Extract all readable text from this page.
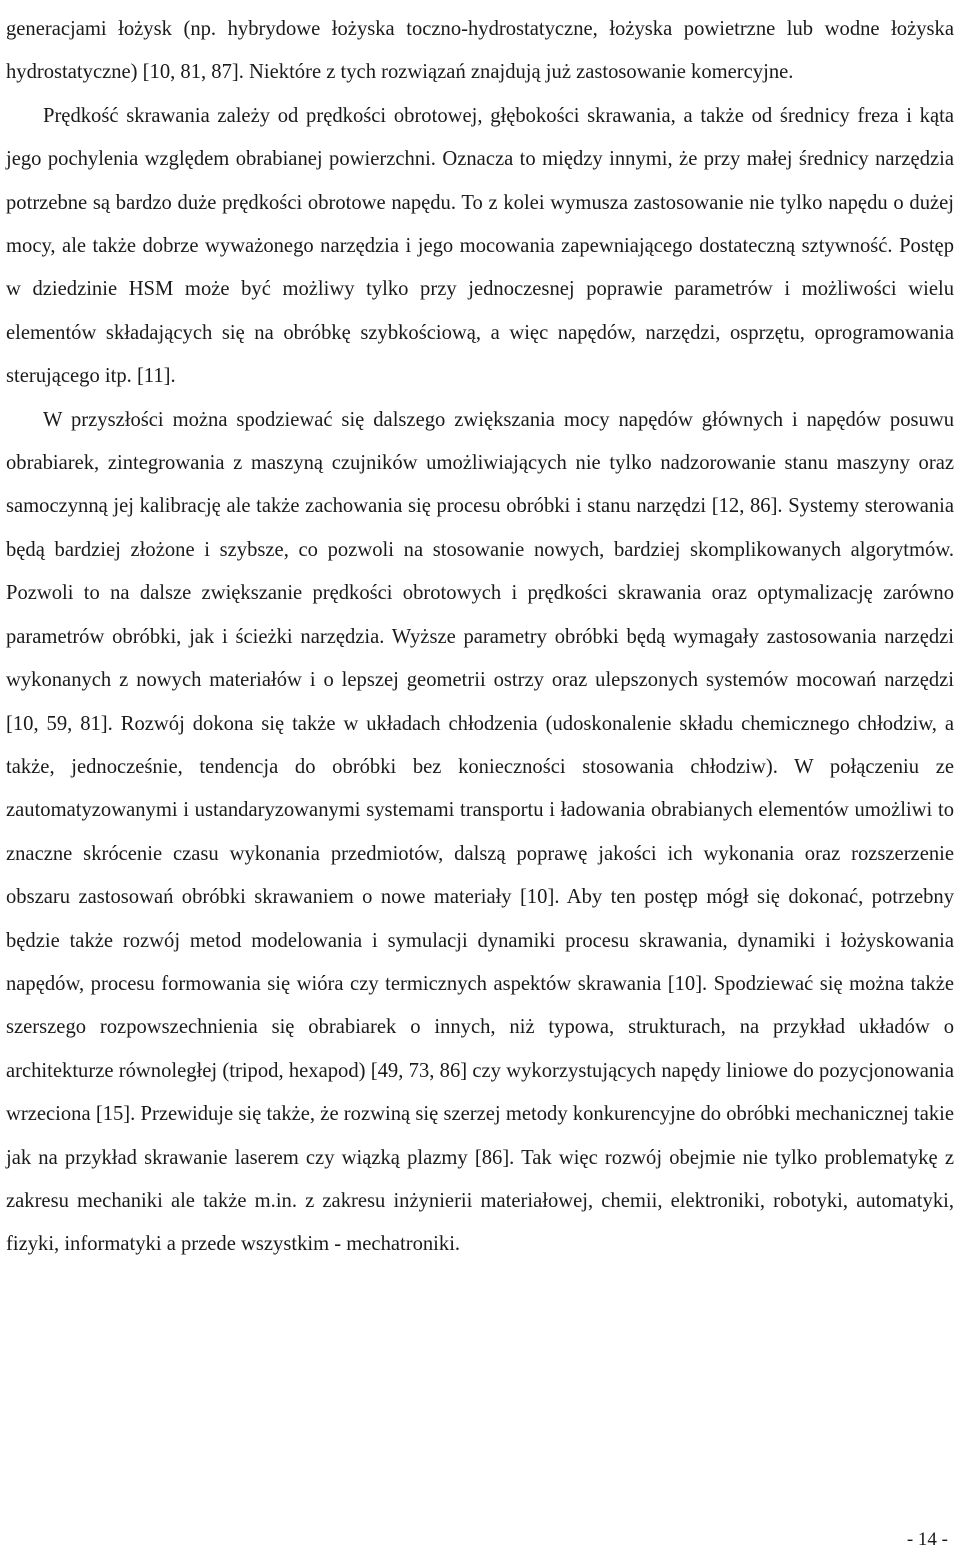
generacjami łożysk (np. hybrydowe łożyska toczno-hydrostatyczne, łożyska powietrzne lub wodne łożyska hydrostatyczne) [10, 81, 87]. Niektóre z tych rozwiązań znajdują już zastosowanie komercyjne.

Prędkość skrawania zależy od prędkości obrotowej, głębokości skrawania, a także od średnicy freza i kąta jego pochylenia względem obrabianej powierzchni. Oznacza to między innymi, że przy małej średnicy narzędzia potrzebne są bardzo duże prędkości obrotowe napędu. To z kolei wymusza zastosowanie nie tylko napędu o dużej mocy, ale także dobrze wyważonego narzędzia i jego mocowania zapewniającego dostateczną sztywność. Postęp w dziedzinie HSM może być możliwy tylko przy jednoczesnej poprawie parametrów i możliwości wielu elementów składających się na obróbkę szybkościową, a więc napędów, narzędzi, osprzętu, oprogramowania sterującego itp. [11].

W przyszłości można spodziewać się dalszego zwiększania mocy napędów głównych i napędów posuwu obrabiarek, zintegrowania z maszyną czujników umożliwiających nie tylko nadzorowanie stanu maszyny oraz samoczynną jej kalibrację ale także zachowania się procesu obróbki i stanu narzędzi [12, 86]. Systemy sterowania będą bardziej złożone i szybsze, co pozwoli na stosowanie nowych, bardziej skomplikowanych algorytmów. Pozwoli to na dalsze zwiększanie prędkości obrotowych i prędkości skrawania oraz optymalizację zarówno parametrów obróbki, jak i ścieżki narzędzia. Wyższe parametry obróbki będą wymagały zastosowania narzędzi wykonanych z nowych materiałów i o lepszej geometrii ostrzy oraz ulepszonych systemów mocowań narzędzi [10, 59, 81]. Rozwój dokona się także w układach chłodzenia (udoskonalenie składu chemicznego chłodziw, a także, jednocześnie, tendencja do obróbki bez konieczności stosowania chłodziw). W połączeniu ze zautomatyzowanymi i ustandaryzowanymi systemami transportu i ładowania obrabianych elementów umożliwi to znaczne skrócenie czasu wykonania przedmiotów, dalszą poprawę jakości ich wykonania oraz rozszerzenie obszaru zastosowań obróbki skrawaniem o nowe materiały [10]. Aby ten postęp mógł się dokonać, potrzebny będzie także rozwój metod modelowania i symulacji dynamiki procesu skrawania, dynamiki i łożyskowania napędów, procesu formowania się wióra czy termicznych aspektów skrawania [10]. Spodziewać się można także szerszego rozpowszechnienia się obrabiarek o innych, niż typowa, strukturach, na przykład układów o architekturze równoległej (tripod, hexapod) [49, 73, 86] czy wykorzystujących napędy liniowe do pozycjonowania wrzeciona [15]. Przewiduje się także, że rozwiną się szerzej metody konkurencyjne do obróbki mechanicznej takie jak na przykład skrawanie laserem czy wiązką plazmy [86]. Tak więc rozwój obejmie nie tylko problematykę z zakresu mechaniki ale także m.in. z zakresu inżynierii materiałowej, chemii, elektroniki, robotyki, automatyki, fizyki, informatyki a przede wszystkim - mechatroniki.

- 14 -
